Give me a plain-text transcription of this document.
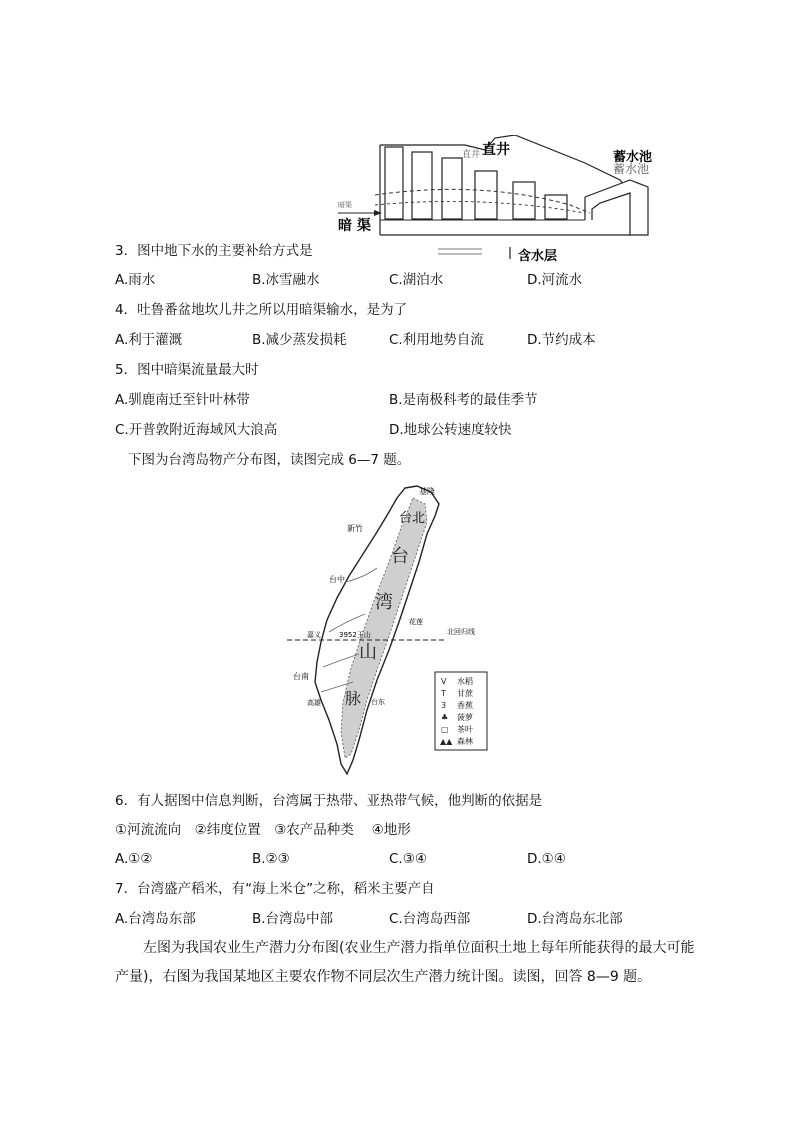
直井
直井	蓄水池
蓄水池
暗渠
暗 渠
含水层
3．图中地下水的主要补给方式是
A.雨水	B.冰雪融水	C.湖泊水	D.河流水
4．吐鲁番盆地坎儿井之所以用暗渠输水，是为了
A.利于灌溉	B.减少蒸发损耗	C.利用地势自流	D.节约成本
5．图中暗渠流量最大时
A.驯鹿南迁至针叶林带	B.是南极科考的最佳季节
C.开普敦附近海域风大浪高	D.地球公转速度较快
下图为台湾岛物产分布图，读图完成 6—7 题。
台
湾
山
脉
基隆
台北
新竹
台中
花莲
嘉义	3952玉山	北回归线
台南
高雄	台东
水稻
甘蔗
香蕉
菠萝
茶叶
森林
V
T
3
♣
▢
▲▲
6．有人据图中信息判断，台湾属于热带、亚热带气候，他判断的依据是
①河流流向　②纬度位置　③农产品种类　 ④地形
A.①②	B.②③	C.③④	D.①④
7．台湾盛产稻米，有“海上米仓”之称，稻米主要产自
A.台湾岛东部	B.台湾岛中部	C.台湾岛西部	D.台湾岛东北部
左图为我国农业生产潜力分布图(农业生产潜力指单位面积土地上每年所能获得的最大可能产量)，右图为我国某地区主要农作物不同层次生产潜力统计图。读图，回答 8—9 题。
